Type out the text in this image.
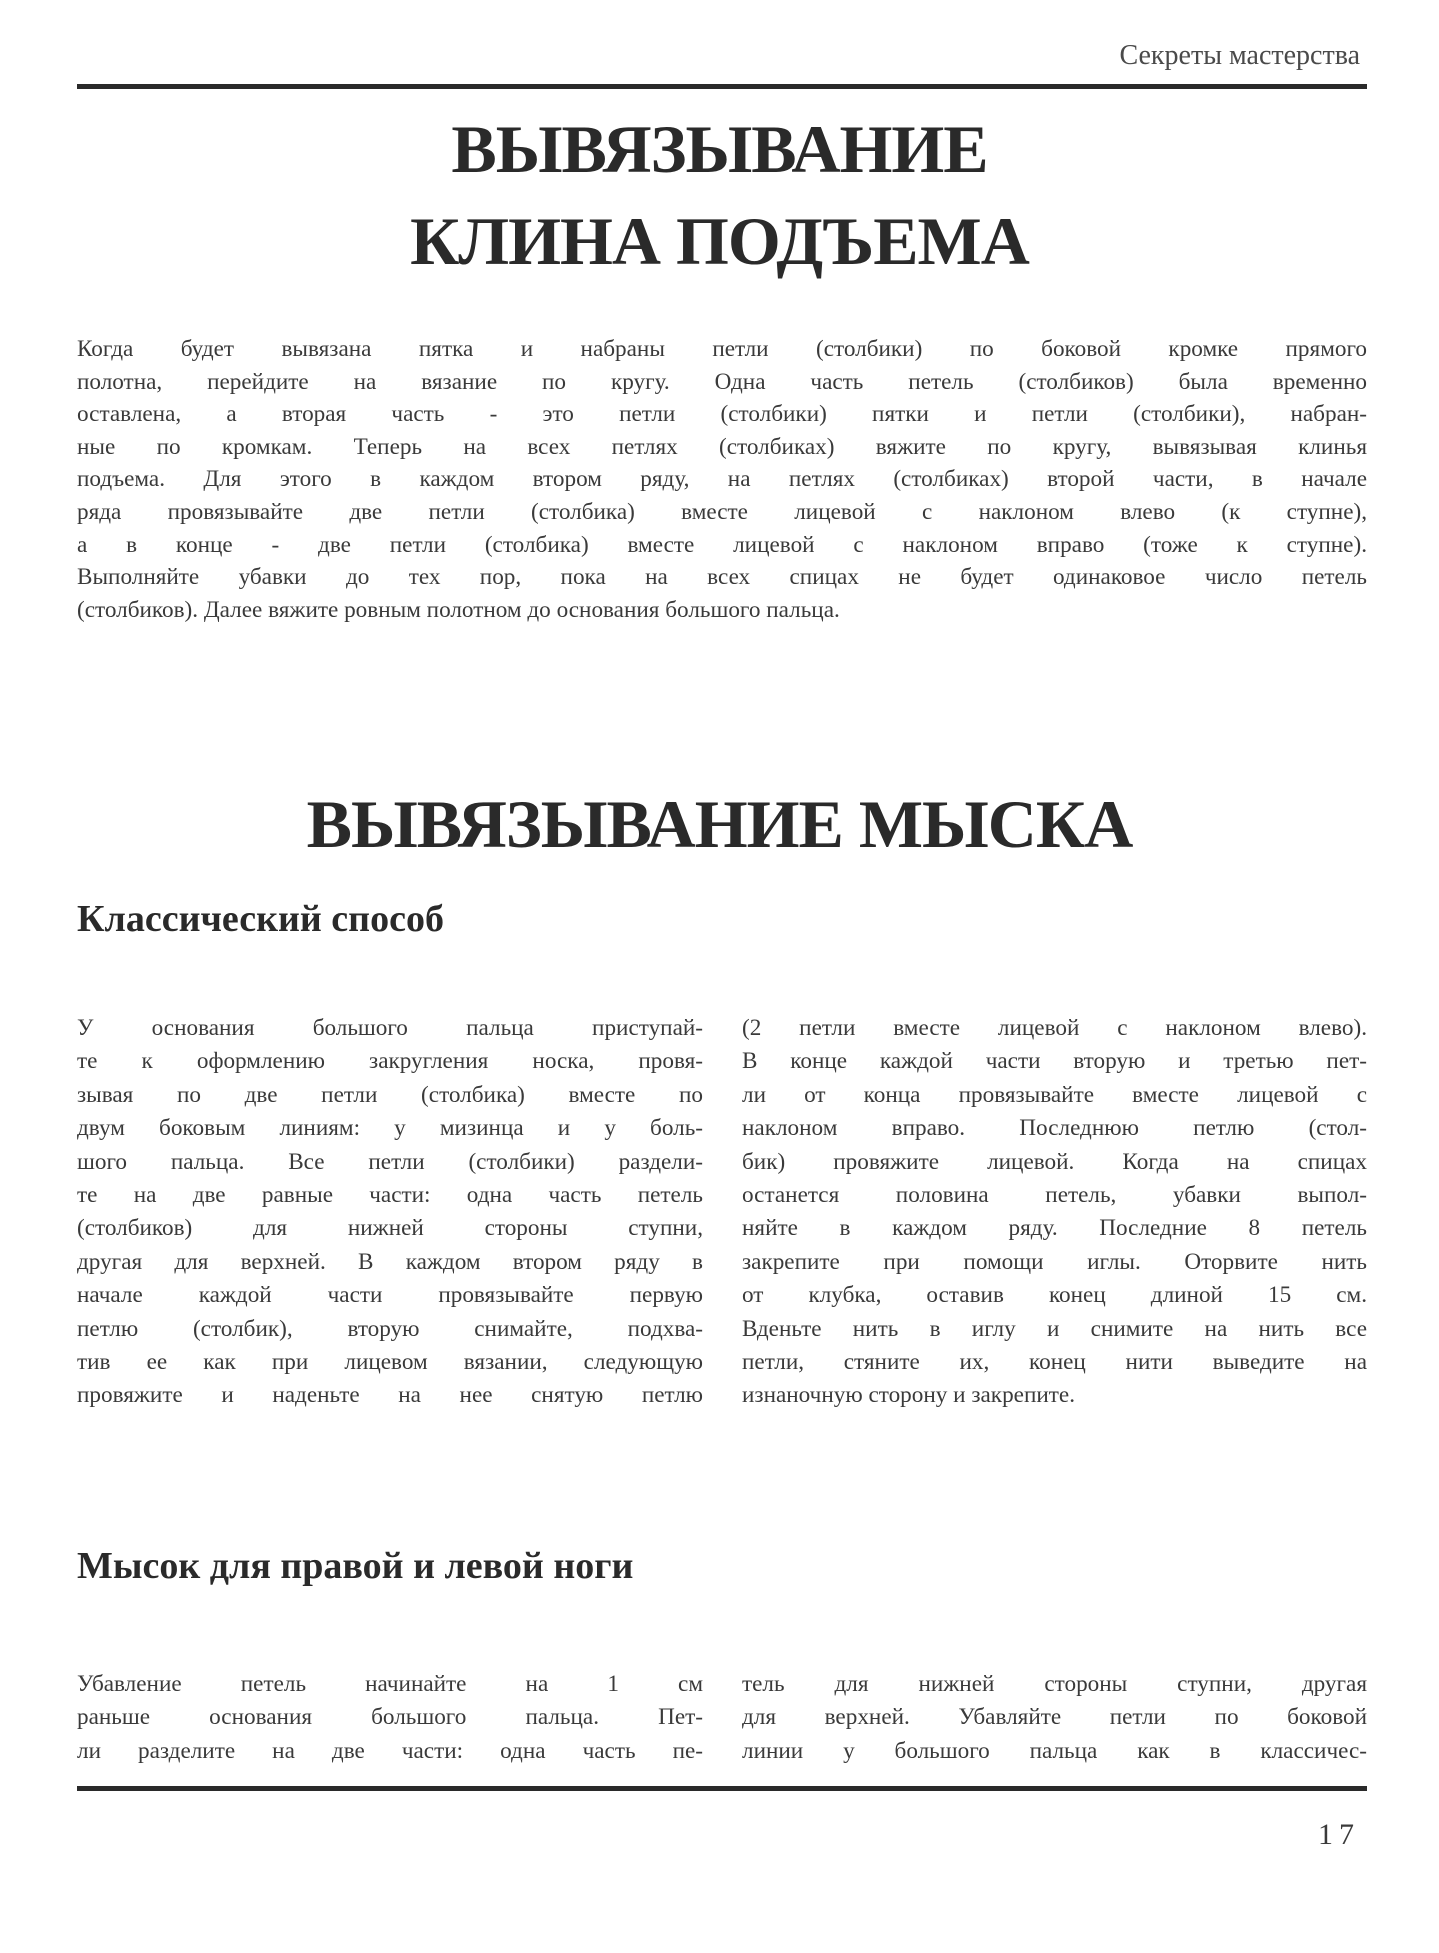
Секреты мастерства
ВЫВЯЗЫВАНИЕ
КЛИНА ПОДЪЕМА
Когда будет вывязана пятка и набраны петли (столбики) по боковой кромке прямого
полотна, перейдите на вязание по кругу. Одна часть петель (столбиков) была временно
оставлена, а вторая часть - это петли (столбики) пятки и петли (столбики), набран-
ные по кромкам. Теперь на всех петлях (столбиках) вяжите по кругу, вывязывая клинья
подъема. Для этого в каждом втором ряду, на петлях (столбиках) второй части, в начале
ряда провязывайте две петли (столбика) вместе лицевой с наклоном влево (к ступне),
а в конце - две петли (столбика) вместе лицевой с наклоном вправо (тоже к ступне).
Выполняйте убавки до тех пор, пока на всех спицах не будет одинаковое число петель
(столбиков). Далее вяжите ровным полотном до основания большого пальца.
ВЫВЯЗЫВАНИЕ МЫСКА
Классический способ
У основания большого пальца приступай-
те к оформлению закругления носка, провя-
зывая по две петли (столбика) вместе по
двум боковым линиям: у мизинца и у боль-
шого пальца. Все петли (столбики) раздели-
те на две равные части: одна часть петель
(столбиков) для нижней стороны ступни,
другая для верхней. В каждом втором ряду в
начале каждой части провязывайте первую
петлю (столбик), вторую снимайте, подхва-
тив ее как при лицевом вязании, следующую
провяжите и наденьте на нее снятую петлю
(2 петли вместе лицевой с наклоном влево).
В конце каждой части вторую и третью пет-
ли от конца провязывайте вместе лицевой с
наклоном вправо. Последнюю петлю (стол-
бик) провяжите лицевой. Когда на спицах
останется половина петель, убавки выпол-
няйте в каждом ряду. Последние 8 петель
закрепите при помощи иглы. Оторвите нить
от клубка, оставив конец длиной 15 см.
Вденьте нить в иглу и снимите на нить все
петли, стяните их, конец нити выведите на
изнаночную сторону и закрепите.
Мысок для правой и левой ноги
Убавление петель начинайте на 1 см
раньше основания большого пальца. Пет-
ли разделите на две части: одна часть пе-
тель для нижней стороны ступни, другая
для верхней. Убавляйте петли по боковой
линии у большого пальца как в классичес-
17
